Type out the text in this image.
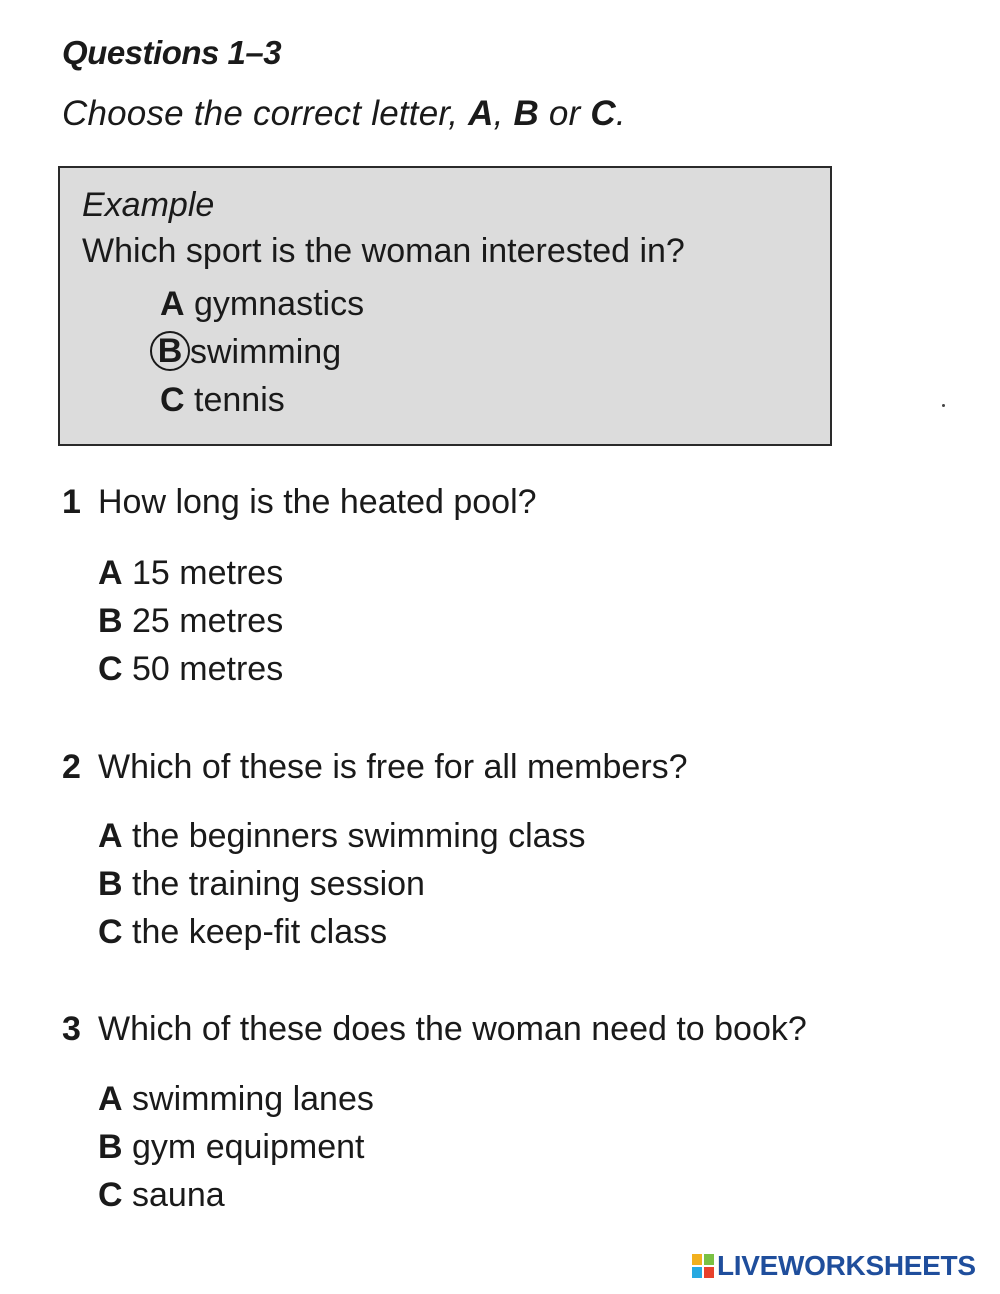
Questions 1–3
Choose the correct letter, A, B or C.
Example
Which sport is the woman interested in?
A gymnastics
B swimming
C tennis
1 How long is the heated pool?
A 15 metres
B 25 metres
C 50 metres
2 Which of these is free for all members?
A the beginners swimming class
B the training session
C the keep-fit class
3 Which of these does the woman need to book?
A swimming lanes
B gym equipment
C sauna
LIVEWORKSHEETS
